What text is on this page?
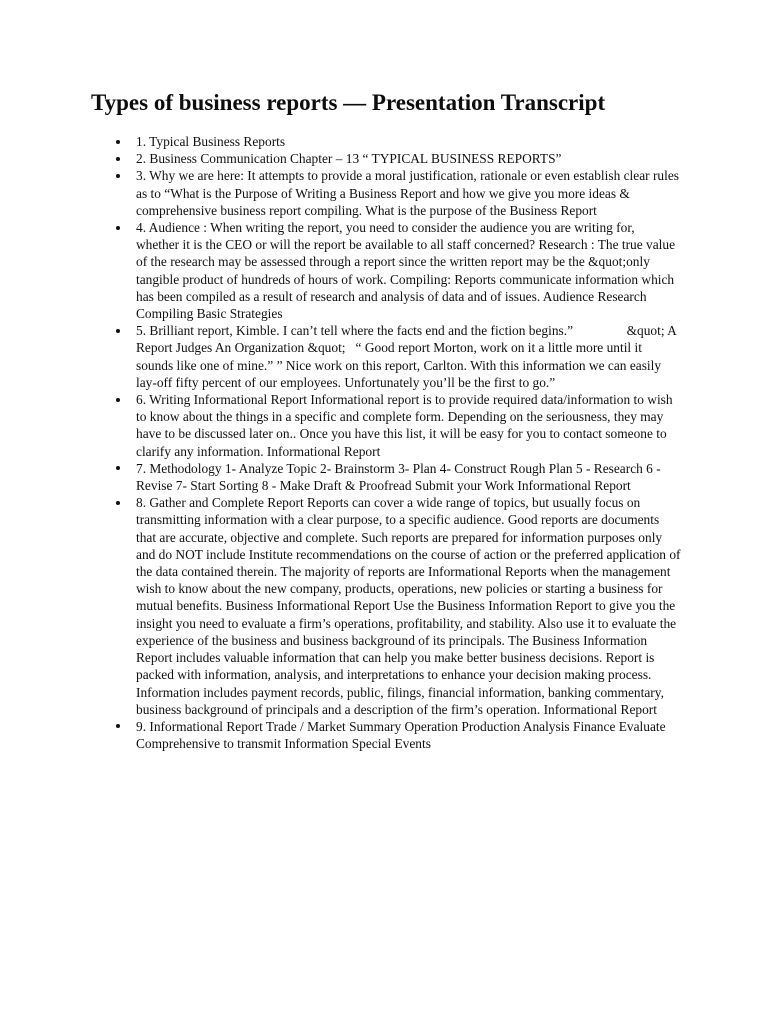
Types of business reports — Presentation Transcript
1. Typical Business Reports
2. Business Communication Chapter – 13 “ TYPICAL BUSINESS REPORTS”
3. Why we are here: It attempts to provide a moral justification, rationale or even establish clear rules as to “What is the Purpose of Writing a Business Report and how we give you more ideas & comprehensive business report compiling. What is the purpose of the Business Report
4. Audience : When writing the report, you need to consider the audience you are writing for, whether it is the CEO or will the report be available to all staff concerned? Research : The true value of the research may be assessed through a report since the written report may be the &quot;only tangible product of hundreds of hours of work. Compiling: Reports communicate information which has been compiled as a result of research and analysis of data and of issues. Audience Research Compiling Basic Strategies
5. Brilliant report, Kimble. I can’t tell where the facts end and the fiction begins.”                &quot; A Report Judges An Organization &quot;   “ Good report Morton, work on it a little more until it sounds like one of mine.” ” Nice work on this report, Carlton. With this information we can easily lay-off fifty percent of our employees. Unfortunately you’ll be the first to go.”
6. Writing Informational Report Informational report is to provide required data/information to wish to know about the things in a specific and complete form. Depending on the seriousness, they may have to be discussed later on.. Once you have this list, it will be easy for you to contact someone to clarify any information. Informational Report
7. Methodology 1- Analyze Topic 2- Brainstorm 3- Plan 4- Construct Rough Plan 5 - Research 6 - Revise 7- Start Sorting 8 - Make Draft & Proofread Submit your Work Informational Report
8. Gather and Complete Report Reports can cover a wide range of topics, but usually focus on transmitting information with a clear purpose, to a specific audience. Good reports are documents that are accurate, objective and complete. Such reports are prepared for information purposes only and do NOT include Institute recommendations on the course of action or the preferred application of the data contained therein. The majority of reports are Informational Reports when the management wish to know about the new company, products, operations, new policies or starting a business for mutual benefits. Business Informational Report Use the Business Information Report to give you the insight you need to evaluate a firm’s operations, profitability, and stability. Also use it to evaluate the experience of the business and business background of its principals. The Business Information Report includes valuable information that can help you make better business decisions. Report is packed with information, analysis, and interpretations to enhance your decision making process. Information includes payment records, public, filings, financial information, banking commentary, business background of principals and a description of the firm’s operation. Informational Report
9. Informational Report Trade / Market Summary Operation Production Analysis Finance Evaluate Comprehensive to transmit Information Special Events
